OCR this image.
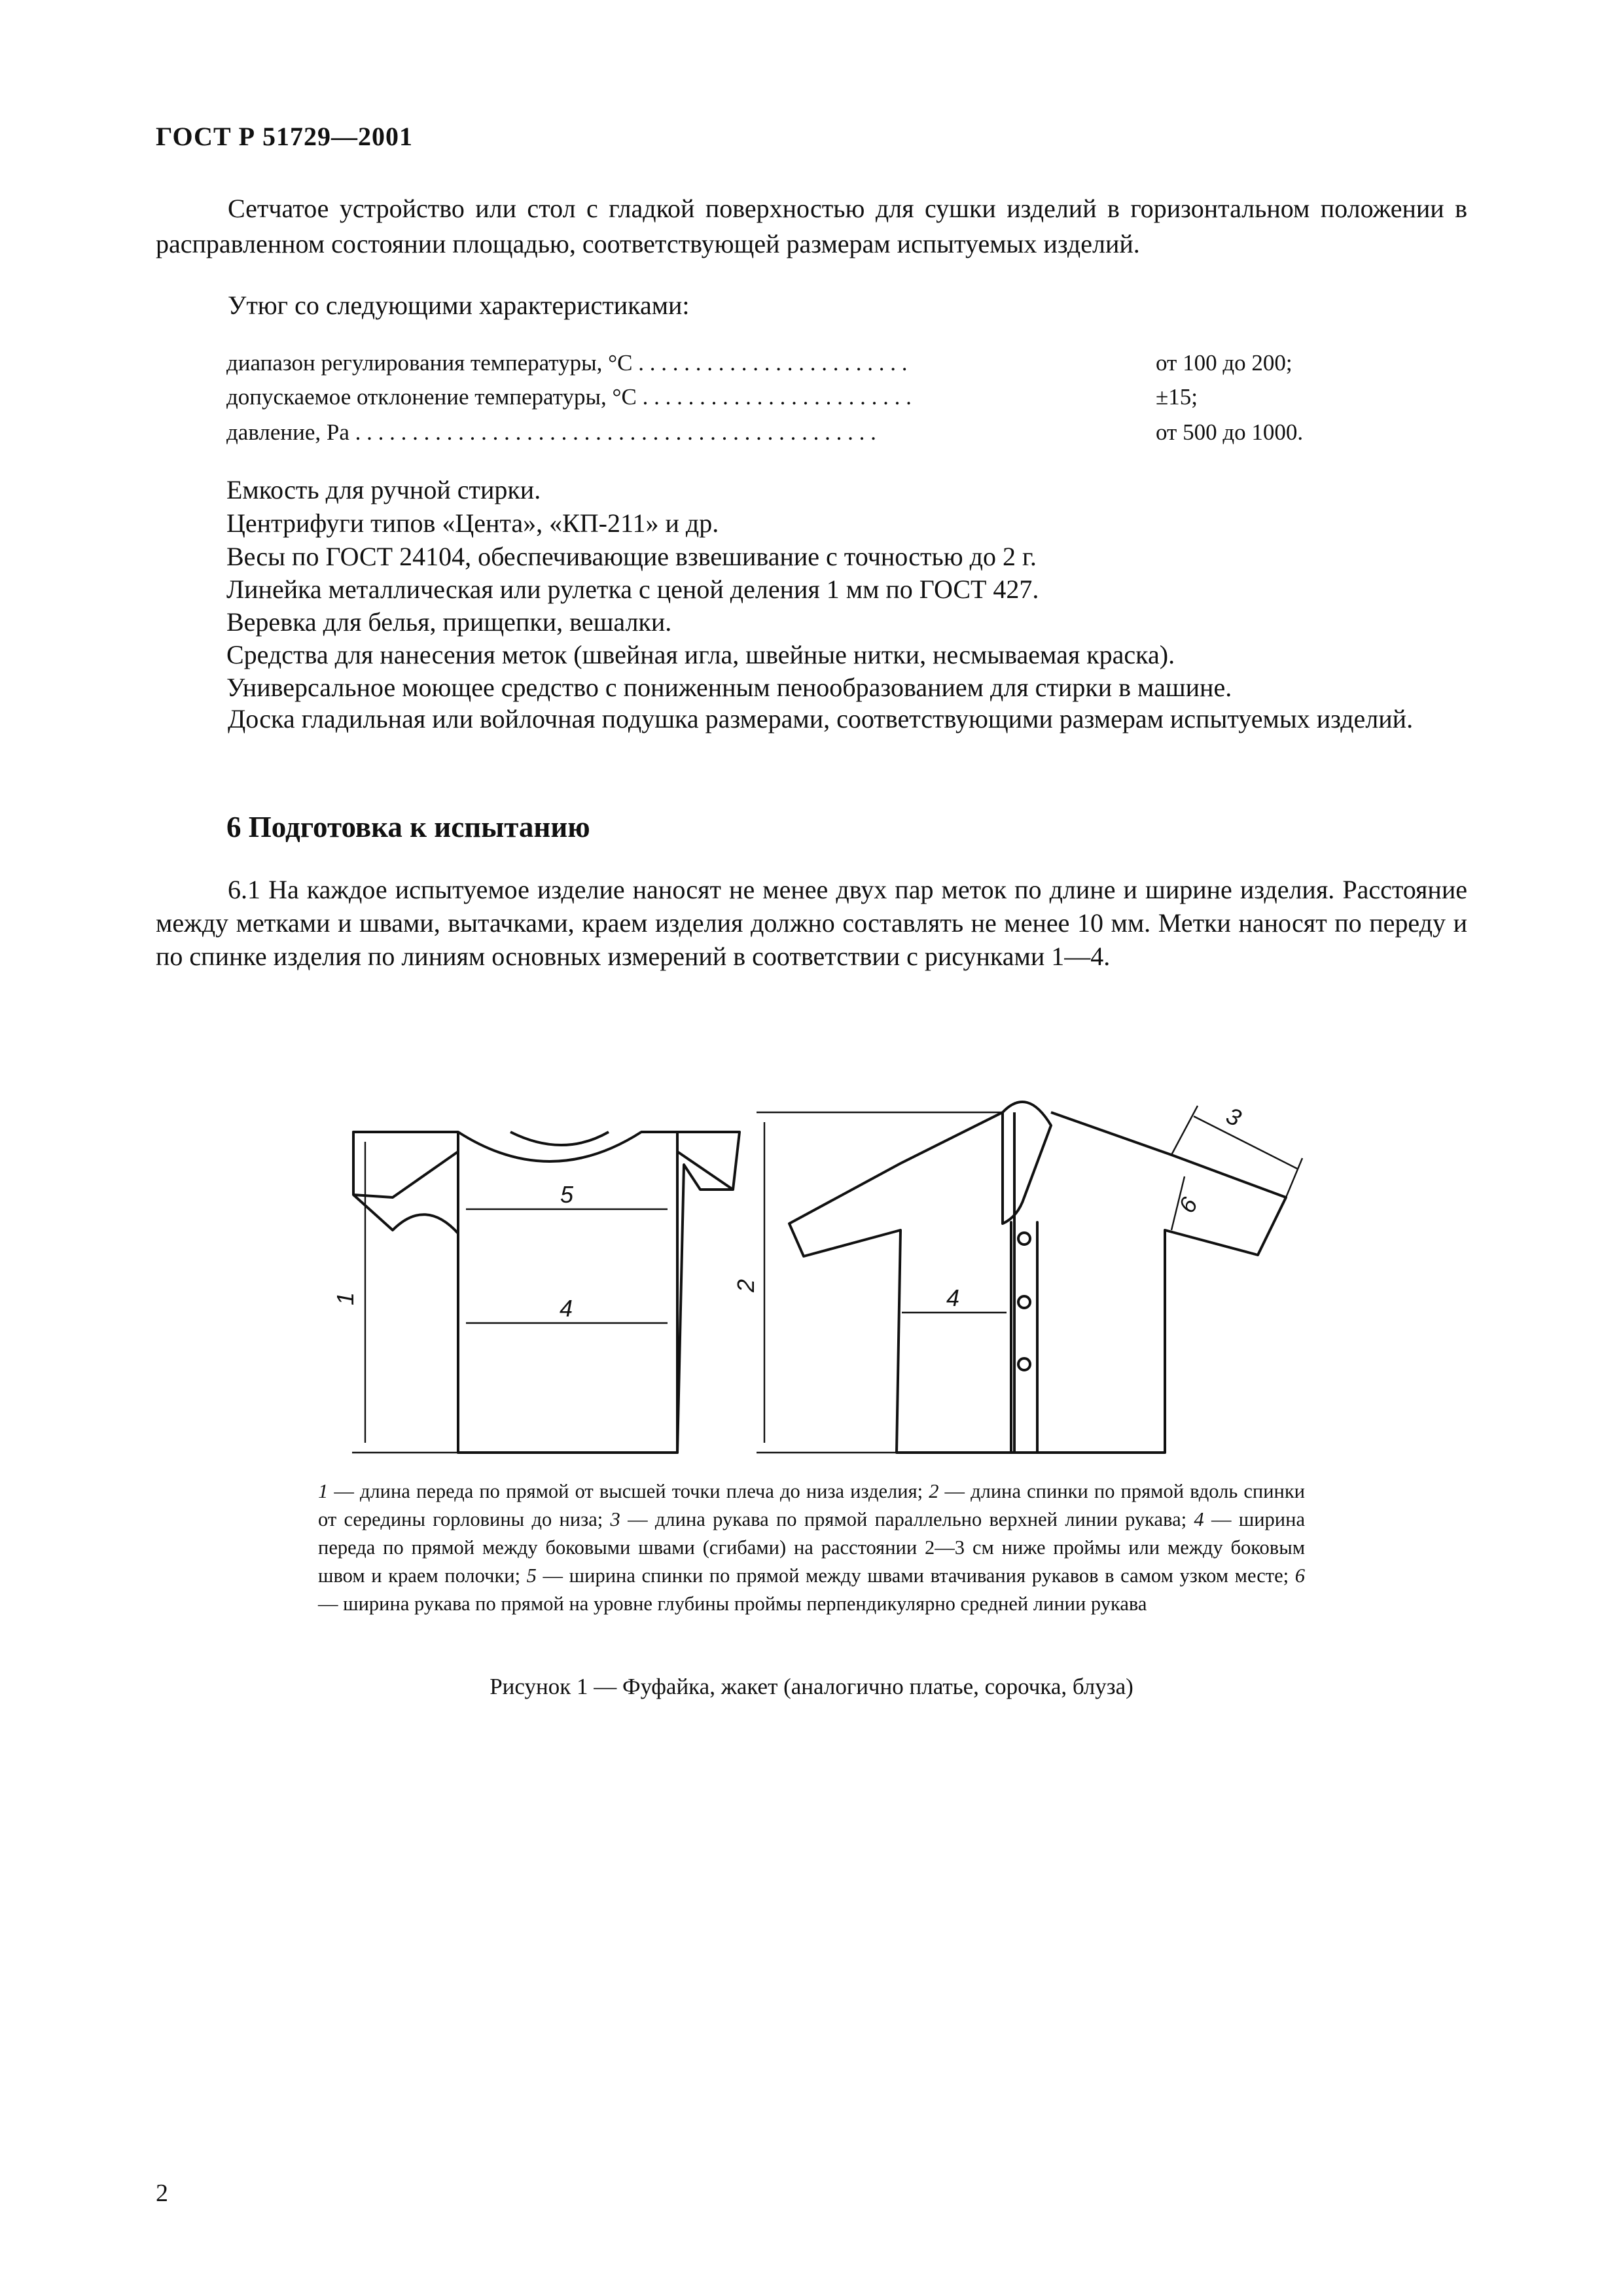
ГОСТ Р 51729—2001
Сетчатое устройство или стол с гладкой поверхностью для сушки изделий в горизонтальном положении в расправленном состоянии площадью, соответствующей размерам испытуемых изделий.
Утюг со следующими характеристиками:
диапазон регулирования температуры, °С . . . . . . . . . . . . . . . . . . . . . . . .	от 100 до 200;
допускаемое отклонение температуры, °С . . . . . . . . . . . . . . . . . . . . . . . .	±15;
давление, Ра . . . . . . . . . . . . . . . . . . . . . . . . . . . . . . . . . . . . . . . . . . . . . .	от 500 до 1000.
Емкость для ручной стирки.
Центрифуги типов «Цента», «КП-211» и др.
Весы по ГОСТ 24104, обеспечивающие взвешивание с точностью до 2 г.
Линейка металлическая или рулетка с ценой деления 1 мм по ГОСТ 427.
Веревка для белья, прищепки, вешалки.
Средства для нанесения меток (швейная игла, швейные нитки, несмываемая краска).
Универсальное моющее средство с пониженным пенообразованием для стирки в машине.
Доска гладильная или войлочная подушка размерами, соответствующими размерам испытуемых изделий.
6 Подготовка к испытанию
6.1 На каждое испытуемое изделие наносят не менее двух пар меток по длине и ширине изделия. Расстояние между метками и швами, вытачками, краем изделия должно составлять не менее 10 мм. Метки наносят по переду и по спинке изделия по линиям основных измерений в соответствии с рисунками 1—4.
1
2
3
4	4
5	6
1 — длина переда по прямой от высшей точки плеча до низа изделия; 2 — длина спинки по прямой вдоль спинки от середины горловины до низа; 3 — длина рукава по прямой параллельно верхней линии рукава; 4 — ширина переда по прямой между боковыми швами (сгибами) на расстоянии 2—3 см ниже проймы или между боковым швом и краем полочки; 5 — ширина спинки по прямой между швами втачивания рукавов в самом узком месте; 6 — ширина рукава по прямой на уровне глубины проймы перпендикулярно средней линии рукава
Рисунок 1 — Фуфайка, жакет (аналогично платье, сорочка, блуза)
2
